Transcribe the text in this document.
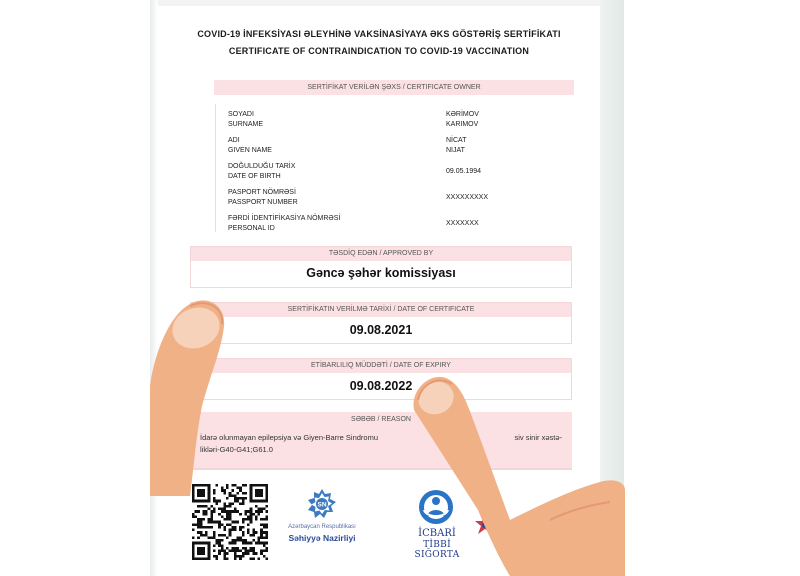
COVID-19 İNFEKSİYASI ƏLEYHİNƏ VAKSİNASİYAYA ƏKS GÖSTƏRİŞ SERTİFİKATI
CERTIFICATE OF CONTRAINDICATION TO COVID-19 VACCINATION
SERTİFİKAT VERİLƏN ŞƏXS / CERTIFICATE OWNER
SOYADI
SURNAME
KƏRİMOV
KARIMOV
ADI
GIVEN NAME
NİCAT
NIJAT
DOĞULDUĞU TARİX
DATE OF BIRTH
09.05.1994
PASPORT NÖMRƏSİ
PASSPORT NUMBER
XXXXXXXXX
FƏRDİ İDENTİFİKASİYA NÖMRƏSİ
PERSONAL ID
XXXXXXX
TƏSDİQ EDƏN / APPROVED BY
Gəncə şəhər komissiyası
SERTİFİKATIN VERİLMƏ TARİXİ / DATE OF CERTIFICATE
09.08.2021
ETİBARLILIQ MÜDDƏTİ / DATE OF EXPIRY
09.08.2022
SƏBƏB / REASON
İdarə olunmayan epilepsiya və Giyen-Barre Sindromu	siv sinir xəstə-
likləri-G40-G41;G61.0
SN
Azərbaycan Respublikası
Səhiyyə Nazirliyi	İCBARİ
TİBBİ SIĞORTA
